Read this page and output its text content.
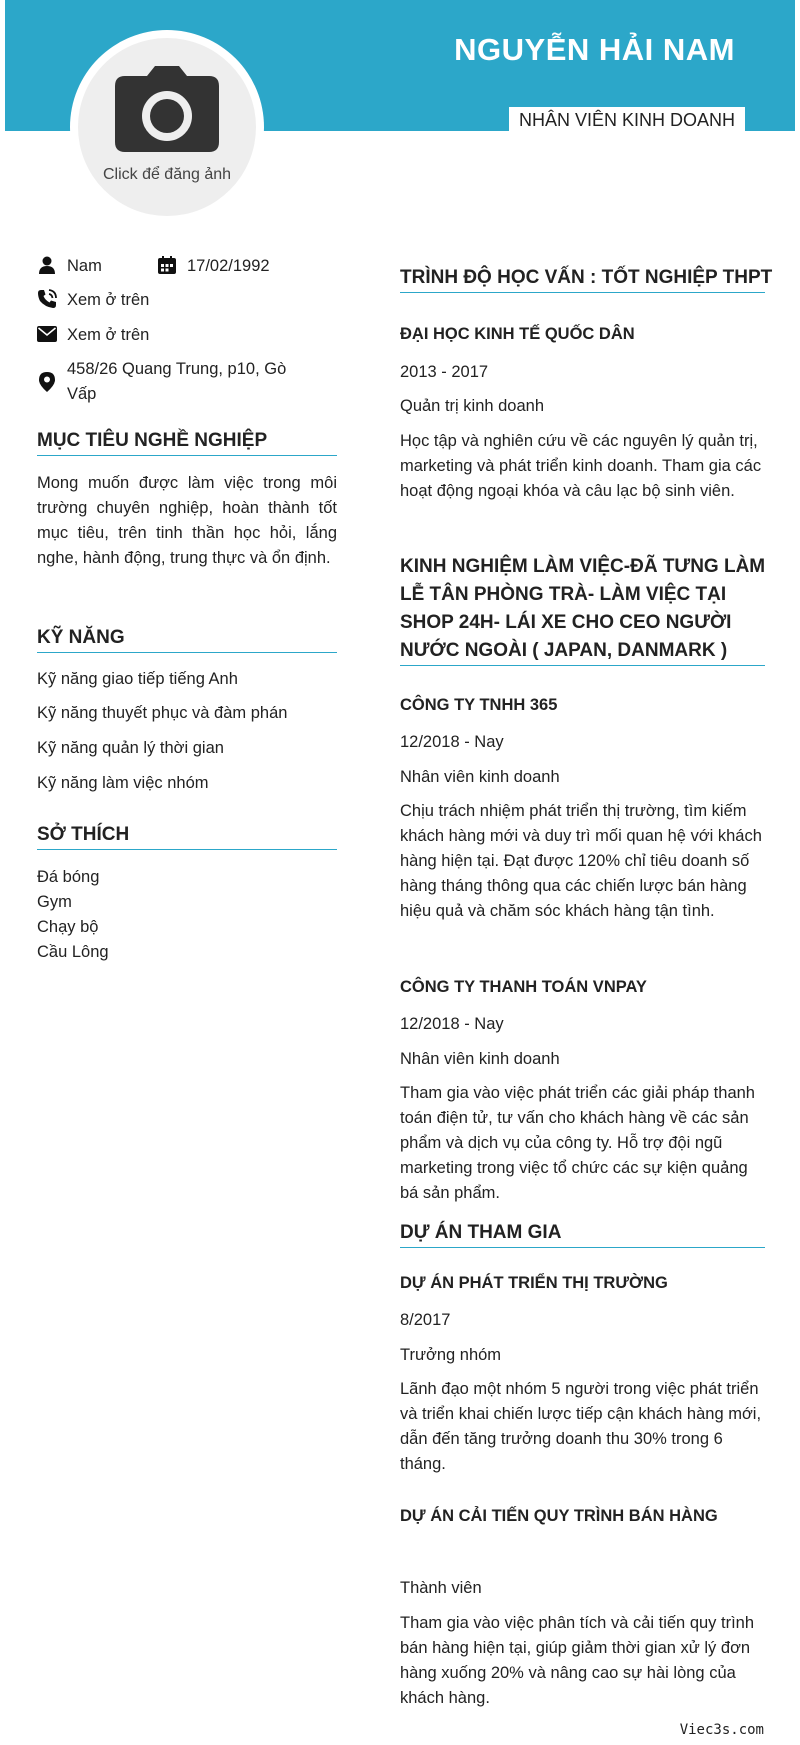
NGUYỄN HẢI NAM
NHÂN VIÊN KINH DOANH
Click để đăng ảnh
Nam	17/02/1992
Xem ở trên
Xem ở trên
458/26 Quang Trung, p10, Gò
Vấp
MỤC TIÊU NGHỀ NGHIỆP
Mong muốn được làm việc trong môi trường chuyên nghiệp, hoàn thành tốt mục tiêu, trên tinh thần học hỏi, lắng nghe, hành động, trung thực và ổn định.
KỸ NĂNG
Kỹ năng giao tiếp tiếng Anh
Kỹ năng thuyết phục và đàm phán
Kỹ năng quản lý thời gian
Kỹ năng làm việc nhóm
SỞ THÍCH
Đá bóng
Gym
Chạy bộ
Cầu Lông
TRÌNH ĐỘ HỌC VẤN : TỐT NGHIỆP THPT
ĐẠI HỌC KINH TẾ QUỐC DÂN
2013 - 2017
Quản trị kinh doanh
Học tập và nghiên cứu về các nguyên lý quản trị, marketing và phát triển kinh doanh. Tham gia các hoạt động ngoại khóa và câu lạc bộ sinh viên.
KINH NGHIỆM LÀM VIỆC-ĐÃ TƯNG LÀM
LỄ TÂN PHÒNG TRÀ- LÀM VIỆC TẠI
SHOP 24H- LÁI XE CHO CEO NGƯỜI
NƯỚC NGOÀI ( JAPAN, DANMARK )
CÔNG TY TNHH 365
12/2018 - Nay
Nhân viên kinh doanh
Chịu trách nhiệm phát triển thị trường, tìm kiếm khách hàng mới và duy trì mối quan hệ với khách hàng hiện tại. Đạt được 120% chỉ tiêu doanh số hàng tháng thông qua các chiến lược bán hàng hiệu quả và chăm sóc khách hàng tận tình.
CÔNG TY THANH TOÁN VNPAY
12/2018 - Nay
Nhân viên kinh doanh
Tham gia vào việc phát triển các giải pháp thanh toán điện tử, tư vấn cho khách hàng về các sản phẩm và dịch vụ của công ty. Hỗ trợ đội ngũ marketing trong việc tổ chức các sự kiện quảng bá sản phẩm.
DỰ ÁN THAM GIA
DỰ ÁN PHÁT TRIỂN THỊ TRƯỜNG
8/2017
Trưởng nhóm
Lãnh đạo một nhóm 5 người trong việc phát triển và triển khai chiến lược tiếp cận khách hàng mới, dẫn đến tăng trưởng doanh thu 30% trong 6 tháng.
DỰ ÁN CẢI TIẾN QUY TRÌNH BÁN HÀNG
Thành viên
Tham gia vào việc phân tích và cải tiến quy trình bán hàng hiện tại, giúp giảm thời gian xử lý đơn hàng xuống 20% và nâng cao sự hài lòng của khách hàng.
Viec3s.com
